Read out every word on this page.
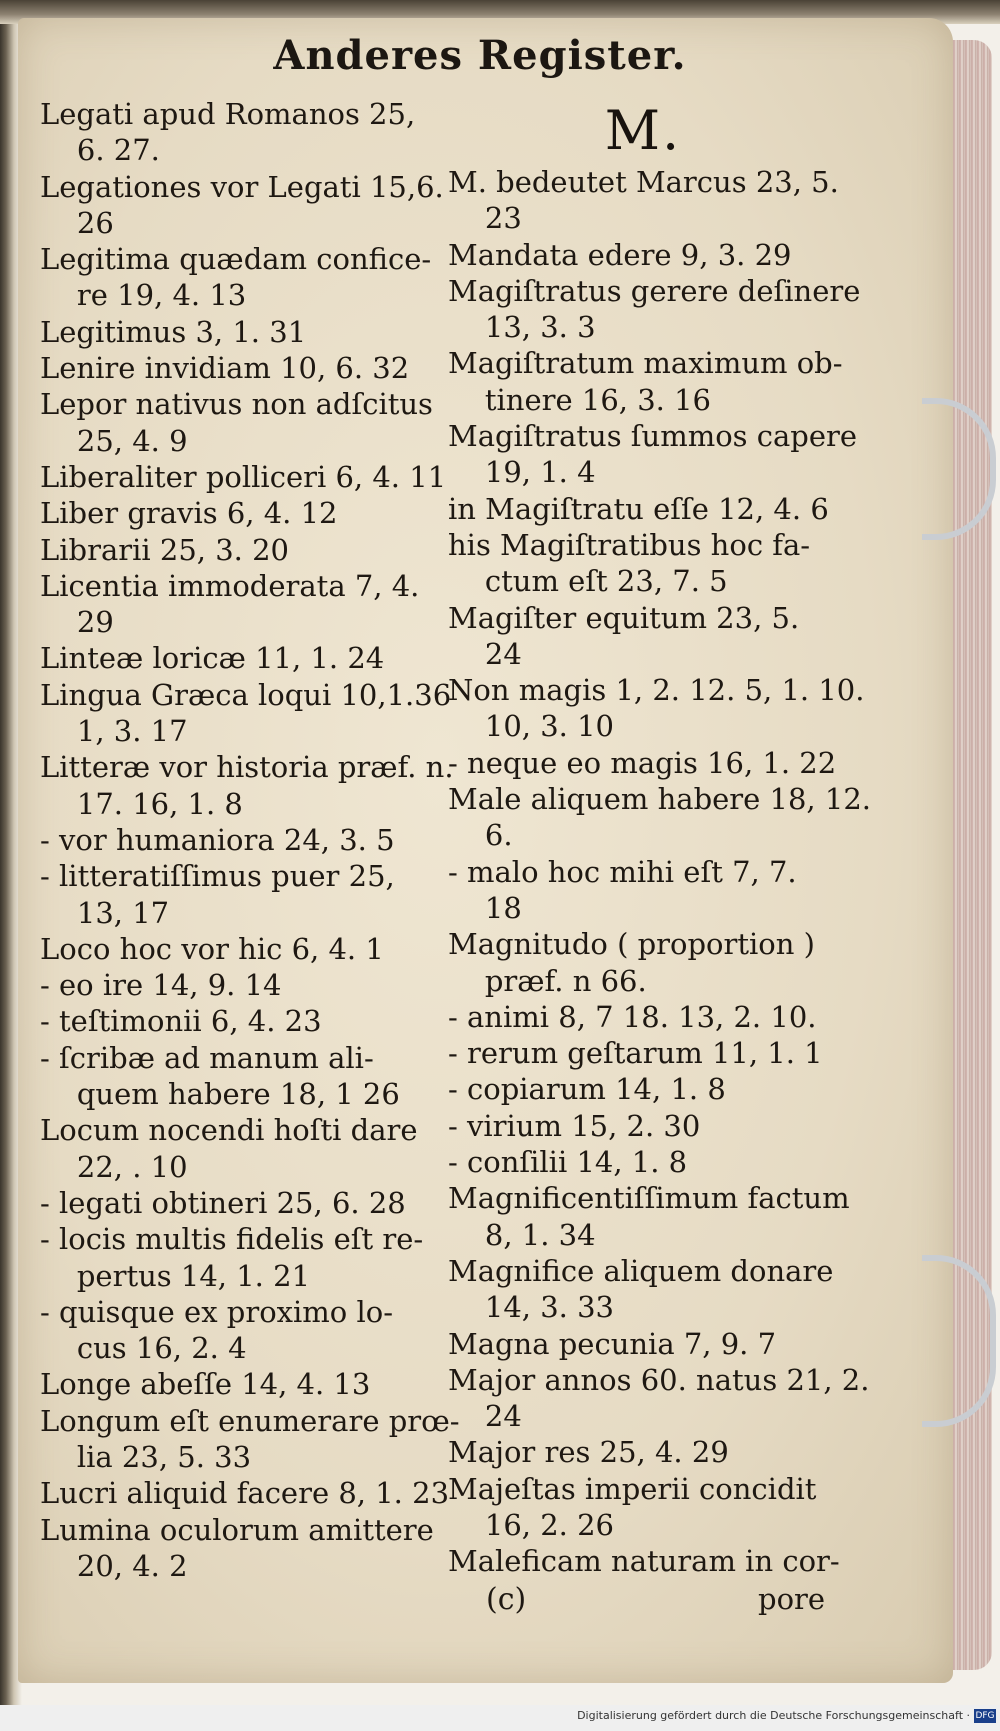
Anderes Register.
Legati apud Romanos 25,
6. 27.
Legationes vor Legati 15,6.
26
Legitima quædam confice-
re 19, 4. 13
Legitimus 3, 1. 31
Lenire invidiam 10, 6. 32
Lepor nativus non adſcitus
25, 4. 9
Liberaliter polliceri 6, 4. 11
Liber gravis 6, 4. 12
Librarii 25, 3. 20
Licentia immoderata 7, 4.
29
Linteæ loricæ 11, 1. 24
Lingua Græca loqui 10,1.36
1, 3. 17
Litteræ vor historia præf. n.
17. 16, 1. 8
- vor humaniora 24, 3. 5
- litteratiſſimus puer 25,
13, 17
Loco hoc vor hic 6, 4. 1
- eo ire 14, 9. 14
- teſtimonii 6, 4. 23
- ſcribæ ad manum ali-
quem habere 18, 1 26
Locum nocendi hoſti dare
22, . 10
- legati obtineri 25, 6. 28
- locis multis fidelis eſt re-
pertus 14, 1. 21
- quisque ex proximo lo-
cus 16, 2. 4
Longe abeſſe 14, 4. 13
Longum eſt enumerare prœ-
lia 23, 5. 33
Lucri aliquid facere 8, 1. 23
Lumina oculorum amittere
20, 4. 2
M.
M. bedeutet Marcus 23, 5.
23
Mandata edere 9, 3. 29
Magiſtratus gerere deſinere
13, 3. 3
Magiſtratum maximum ob-
tinere 16, 3. 16
Magiſtratus ſummos capere
19, 1. 4
in Magiſtratu eſſe 12, 4. 6
his Magiſtratibus hoc fa-
ctum eſt 23, 7. 5
Magiſter equitum 23, 5.
24
Non magis 1, 2. 12. 5, 1. 10.
10, 3. 10
- neque eo magis 16, 1. 22
Male aliquem habere 18, 12.
6.
- malo hoc mihi eſt 7, 7.
18
Magnitudo ( proportion )
præf. n 66.
- animi 8, 7 18. 13, 2. 10.
- rerum geſtarum 11, 1. 1
- copiarum 14, 1. 8
- virium 15, 2. 30
- conſilii 14, 1. 8
Magnificentiſſimum factum
8, 1. 34
Magnifice aliquem donare
14, 3. 33
Magna pecunia 7, 9. 7
Major annos 60. natus 21, 2.
24
Major res 25, 4. 29
Majeſtas imperii concidit
16, 2. 26
Maleficam naturam in cor-
(c)	pore
Digitalisierung gefördert durch die Deutsche Forschungsgemeinschaft · DFG
